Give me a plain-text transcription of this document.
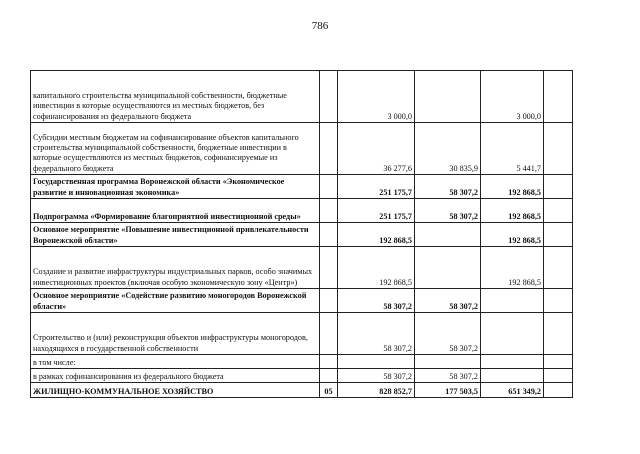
786
капитального строительства муниципальной собственности, бюджетные инвестиции в которые осуществляются из местных бюджетов, без софинансирования из федерального бюджета		3 000,0		3 000,0	
Субсидии местным бюджетам на софинансирование объектов капитального строительства муниципальной собственности, бюджетные инвестиции в которые осуществляются из местных бюджетов, софинансируемые из федерального бюджета		36 277,6	30 835,9	5 441,7	
Государственная программа Воронежской области «Экономическое развитие и инновационная экономика»		251 175,7	58 307,2	192 868,5	
Подпрограмма «Формирование благоприятной инвестиционной среды»		251 175,7	58 307,2	192 868,5	
Основное мероприятие «Повышение инвестиционной привлекательности Воронежской области»		192 868,5		192 868,5	
Создание и развитие инфраструктуры индустриальных парков, особо значимых инвестиционных проектов (включая особую экономическую зону «Центр»)		192 868,5		192 868,5	
Основное мероприятие «Содействие развитию моногородов Воронежской области»		58 307,2	58 307,2		
Строительство и (или) реконструкция объектов инфраструктуры моногородов, находящихся в государственной собственности		58 307,2	58 307,2		
в том числе:					
в рамках софинансирования из федерального бюджета		58 307,2	58 307,2		
ЖИЛИЩНО-КОММУНАЛЬНОЕ ХОЗЯЙСТВО	05	828 852,7	177 503,5	651 349,2	
